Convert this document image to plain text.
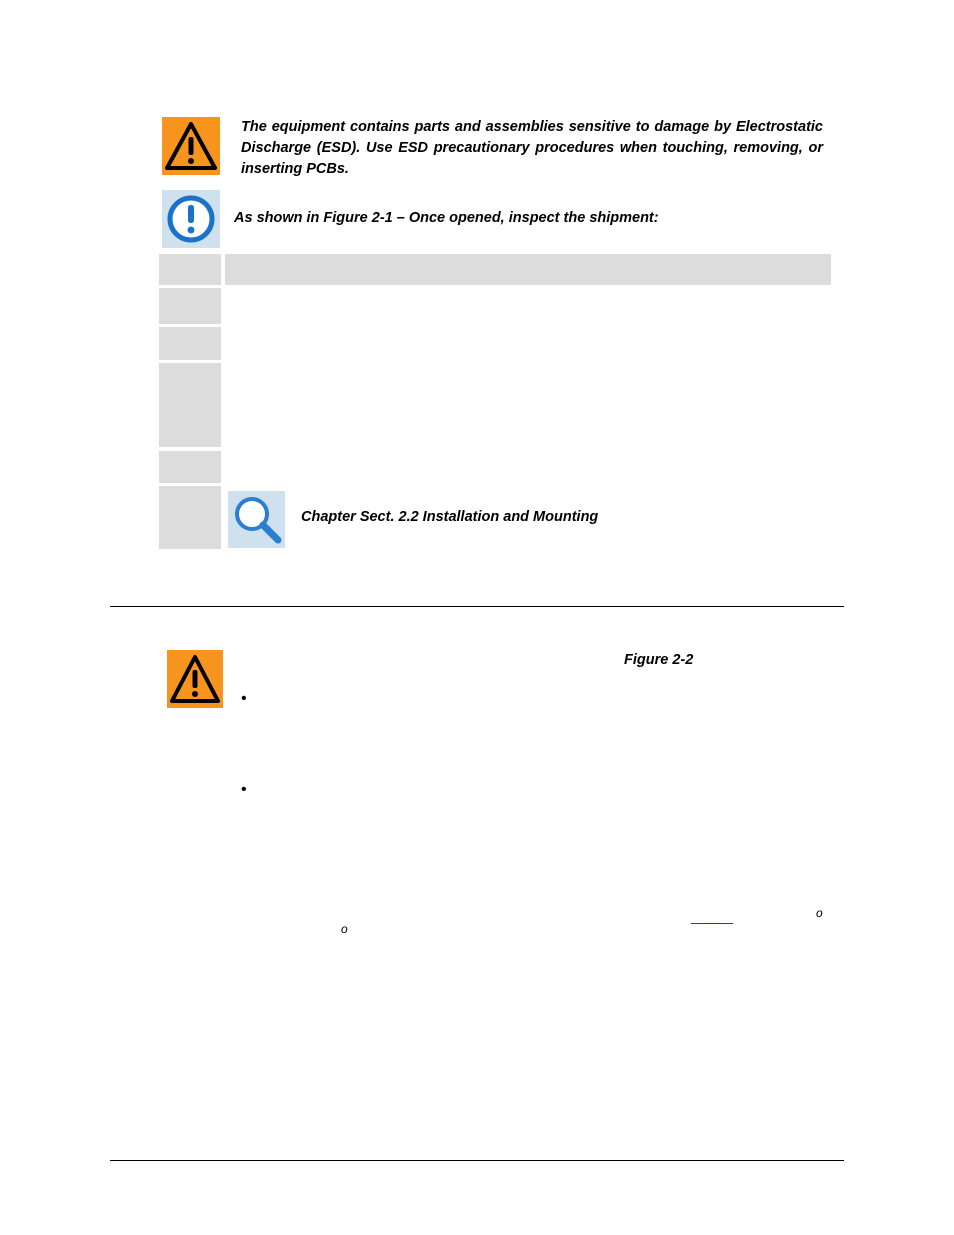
The equipment contains parts and assemblies sensitive to damage by Electrostatic Discharge (ESD). Use ESD precautionary procedures when touching, removing, or inserting PCBs.
As shown in Figure 2-1 – Once opened, inspect the shipment:
Chapter Sect. 2.2 Installation and Mounting
Figure 2-2
•
•
o
o
